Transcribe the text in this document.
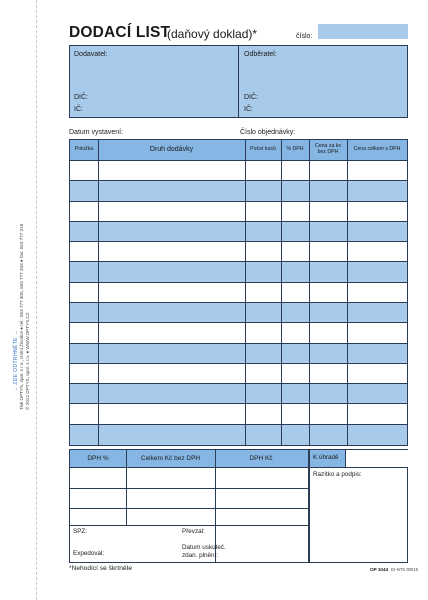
→ ZDE ODTRHNĚTE → Tisk OPTYS, spol. s r.o., Dolní Životice ● tel.: 553 777 300, 553 777 333 ● fax: 553 777 318 © 2012 OPTYS, spol. s r.o. ● WWW.OPTYS.CZ
DODACÍ LIST
(daňový doklad)*	číslo:
Dodavatel:
DIČ:
IČ:
Odběratel:
DIČ:
IČ:
Datum vystavení:	Číslo objednávky:
Položka	Druh dodávky	Počet kusů	% DPH	Cena za ks bez DPH	Cena celkem s DPH
DPH %	Celkem Kč bez DPH	DPH Kč	K úhradě
Razítko a podpis:
SPZ:
Expedoval:
Převzal:
Datum uskuteč.
zdan. plnění:
*Nehodící se škrtněte	OP 1044 Dr-NTS 90015
